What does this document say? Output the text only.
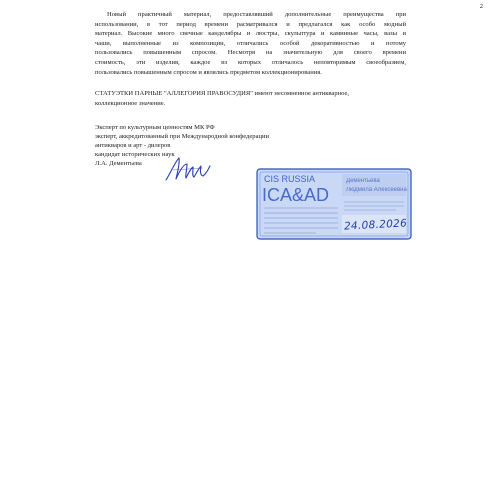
2
Новый практичный материал, предоставлявший дополнительные преимущества при
использовании, в тот период времени расматривался и предлагался как особо модный
материал. Высокие много свечные канделябры и люстры, скульптура и каминные часы, вазы и
чаши, выполненные из композиции, отличались особой декоративностью и потому
пользовались повышенным спросом. Несмотря на значительную для своего времени
стоимость, эти изделия, каждое из которых отличалось неповторимым своеобразием,
пользовались повышенным спросом и являлись предметом коллекционирования.
СТАТУЭТКИ ПАРНЫЕ "АЛЛЕГОРИЯ ПРАВОСУДИЯ" имеют несомненное антикварное,
коллекционное значение.
Эксперт по культурным ценностям МК РФ
эксперт, аккредитованный при Международной конфедерации
антикваров и арт - дилеров
кандидат исторических наук
Л.А. Дементьева
CIS RUSSIA
ICA&AD
Дементьева
Людмила Алексеевна
24.08.2026
